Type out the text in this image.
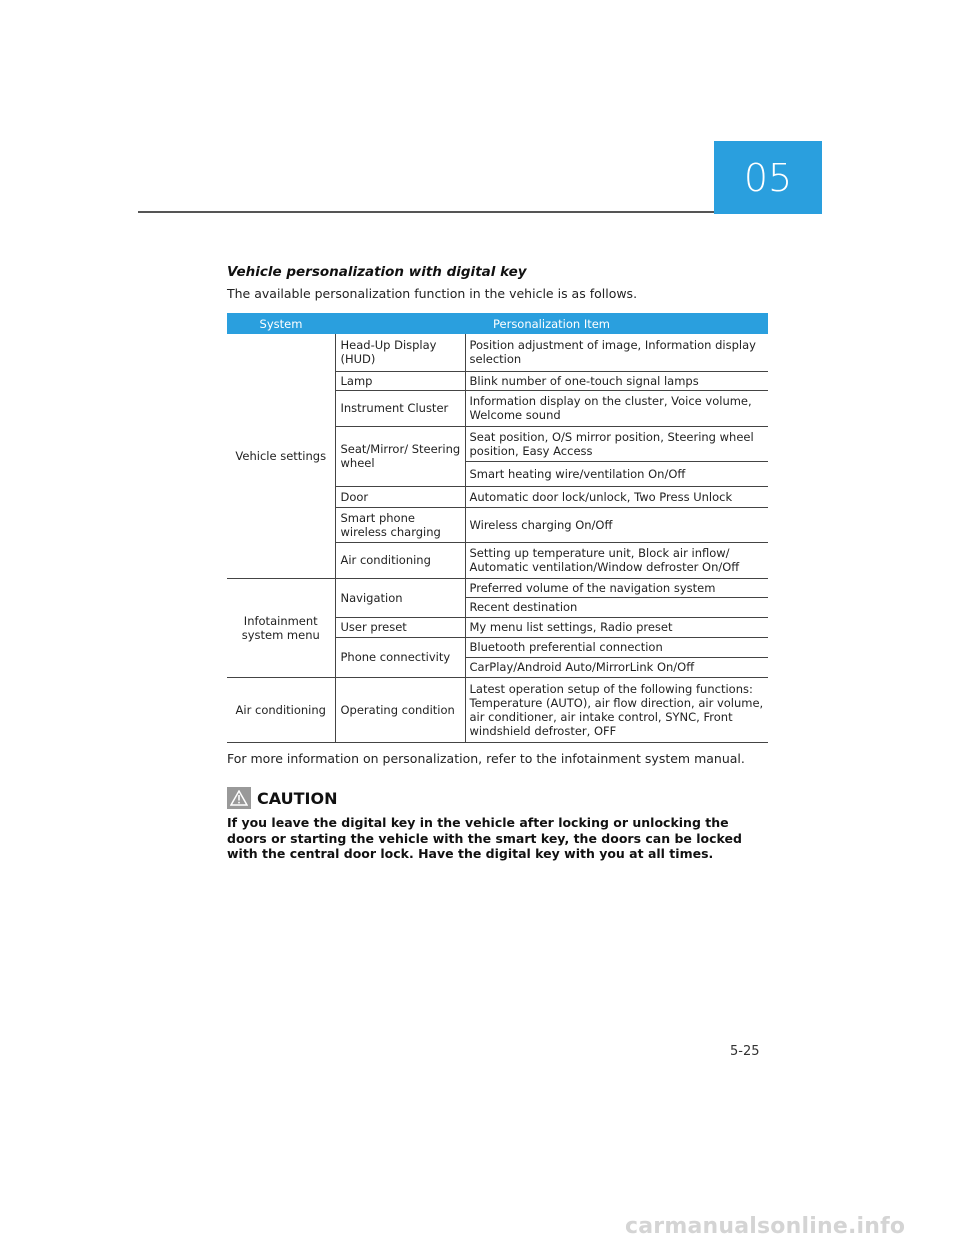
05
Vehicle personalization with digital key
The available personalization function in the vehicle is as follows.
System	Personalization Item	
Vehicle settings	Head-Up Display (HUD)	Position adjustment of image, Information display selection
	Lamp	Blink number of one-touch signal lamps
	Instrument Cluster	Information display on the cluster, Voice volume, Welcome sound
	Seat/Mirror/ Steering wheel	Seat position, O/S mirror position, Steering wheel position, Easy Access
		Smart heating wire/ventilation On/Off
	Door	Automatic door lock/unlock, Two Press Unlock
	Smart phone wireless charging	Wireless charging On/Off
	Air conditioning	Setting up temperature unit, Block air inflow/ Automatic ventilation/Window defroster On/Off
Infotainment system menu	Navigation	Preferred volume of the navigation system
		Recent destination
	User preset	My menu list settings, Radio preset
	Phone connectivity	Bluetooth preferential connection
		CarPlay/Android Auto/MirrorLink On/Off
Air conditioning	Operating condition	Latest operation setup of the following functions: Temperature (AUTO), air flow direction, air volume, air conditioner, air intake control, SYNC, Front windshield defroster, OFF
For more information on personalization, refer to the infotainment system manual.
CAUTION
If you leave the digital key in the vehicle after locking or unlocking the doors or starting the vehicle with the smart key, the doors can be locked with the central door lock. Have the digital key with you at all times.
5-25
carmanualsonline.info
